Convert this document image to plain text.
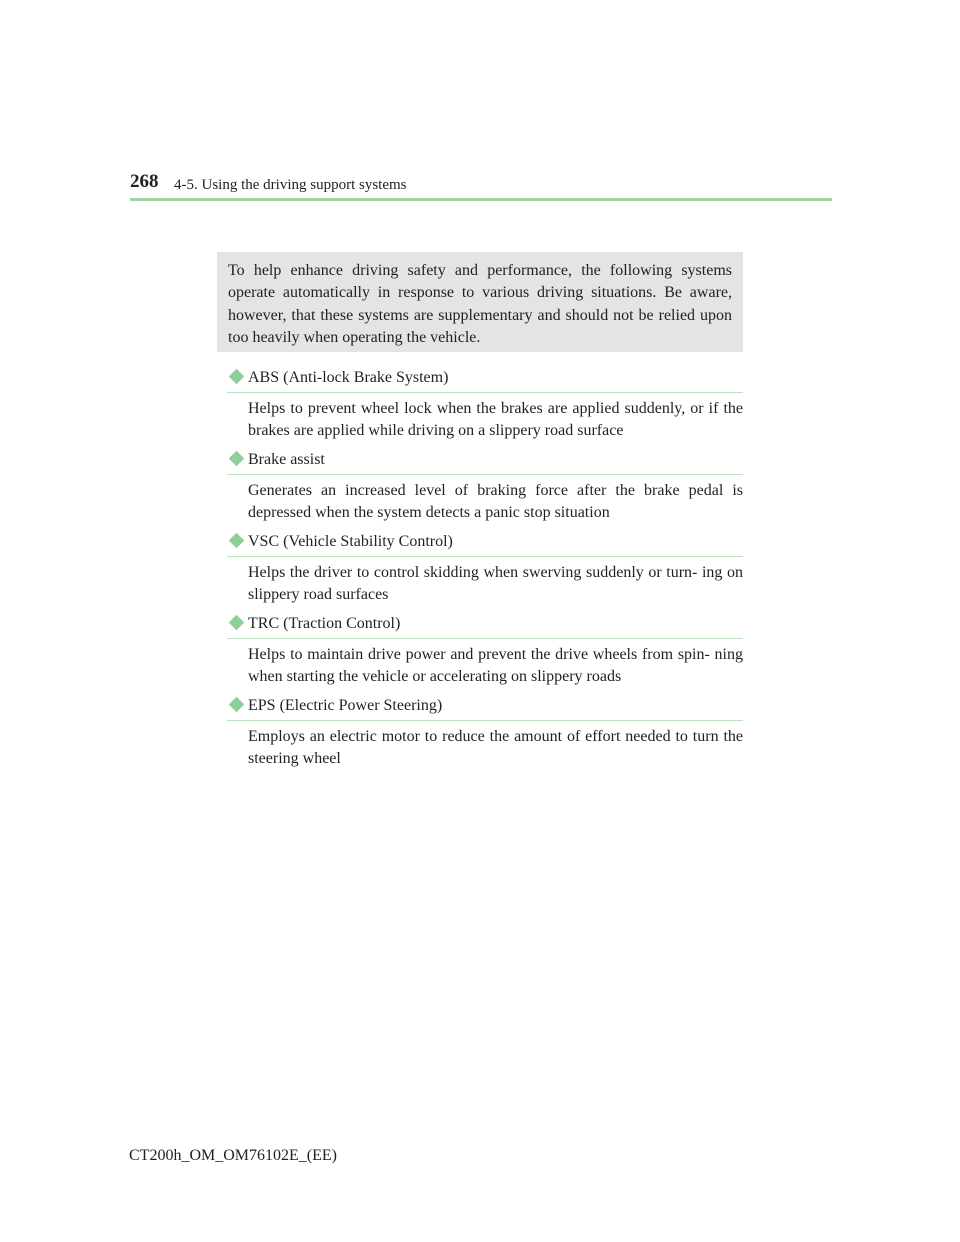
268 4-5. Using the driving support systems

To help enhance driving safety and performance, the following systems operate automatically in response to various driving situations. Be aware, however, that these systems are supplementary and should not be relied upon too heavily when operating the vehicle.

ABS (Anti-lock Brake System)

Helps to prevent wheel lock when the brakes are applied suddenly, or if the brakes are applied while driving on a slippery road surface

Brake assist

Generates an increased level of braking force after the brake pedal is depressed when the system detects a panic stop situation

VSC (Vehicle Stability Control)

Helps the driver to control skidding when swerving suddenly or turn- ing on slippery road surfaces

TRC (Traction Control)

Helps to maintain drive power and prevent the drive wheels from spin- ning when starting the vehicle or accelerating on slippery roads

EPS (Electric Power Steering)

Employs an electric motor to reduce the amount of effort needed to turn the steering wheel

CT200h_OM_OM76102E_(EE)
